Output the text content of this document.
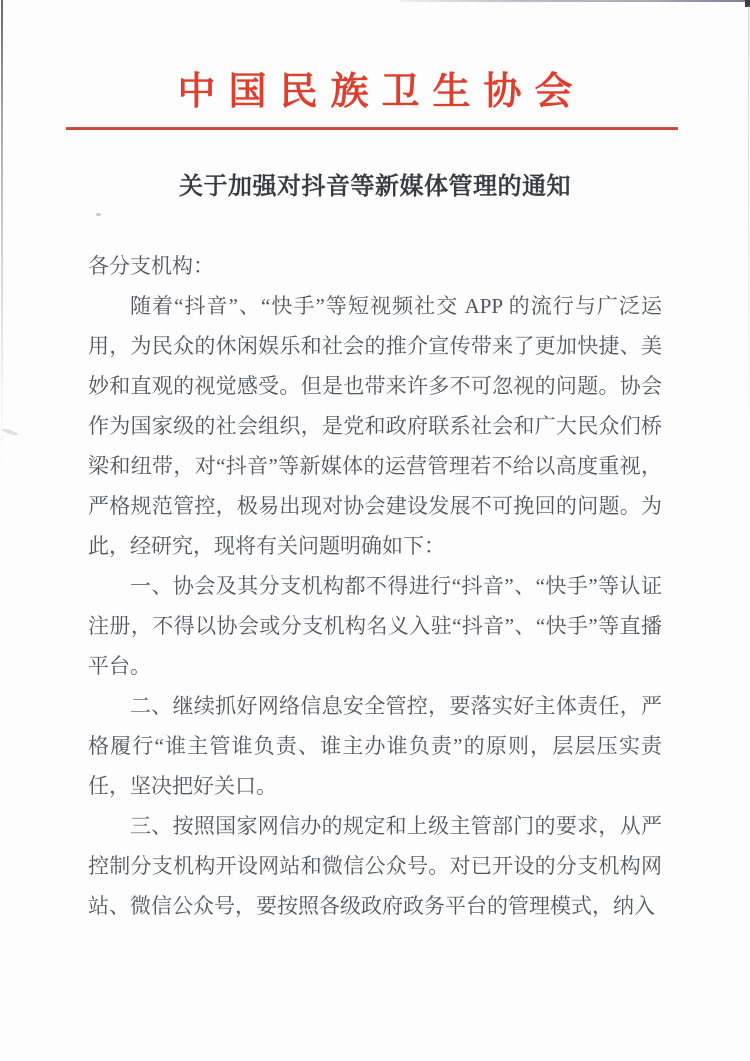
中国民族卫生协会
关于加强对抖音等新媒体管理的通知

各分支机构：

随着“抖音”、“快手”等短视频社交 APP 的流行与广泛运用，为民众的休闲娱乐和社会的推介宣传带来了更加快捷、美妙和直观的视觉感受。但是也带来许多不可忽视的问题。协会作为国家级的社会组织，是党和政府联系社会和广大民众们桥梁和纽带，对“抖音”等新媒体的运营管理若不给以高度重视，严格规范管控，极易出现对协会建设发展不可挽回的问题。为此，经研究，现将有关问题明确如下：

一、协会及其分支机构都不得进行“抖音”、“快手”等认证注册，不得以协会或分支机构名义入驻“抖音”、“快手”等直播平台。

二、继续抓好网络信息安全管控，要落实好主体责任，严格履行“谁主管谁负责、谁主办谁负责”的原则，层层压实责任，坚决把好关口。

三、按照国家网信办的规定和上级主管部门的要求，从严控制分支机构开设网站和微信公众号。对已开设的分支机构网站、微信公众号，要按照各级政府政务平台的管理模式，纳入
